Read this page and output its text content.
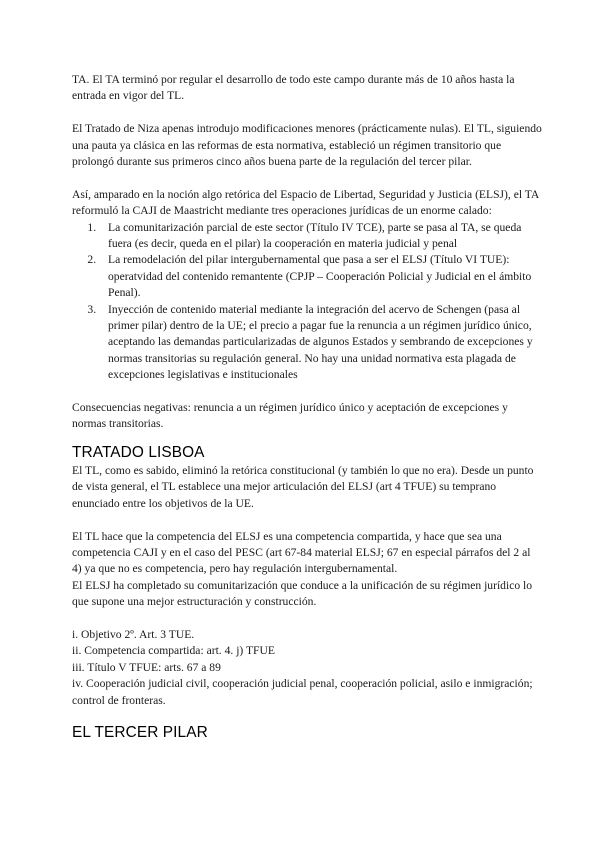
TA. El TA terminó por regular el desarrollo de todo este campo durante más de 10 años hasta la entrada en vigor del TL.

El Tratado de Niza apenas introdujo modificaciones menores (prácticamente nulas). El TL, siguiendo una pauta ya clásica en las reformas de esta normativa, estableció un régimen transitorio que prolongó durante sus primeros cinco años buena parte de la regulación del tercer pilar.

Así, amparado en la noción algo retórica del Espacio de Libertad, Seguridad y Justicia (ELSJ), el TA reformuló la CAJI de Maastricht mediante tres operaciones jurídicas de un enorme calado:

1. La comunitarización parcial de este sector (Título IV TCE), parte se pasa al TA, se queda fuera (es decir, queda en el pilar) la cooperación en materia judicial y penal
2. La remodelación del pilar intergubernamental que pasa a ser el ELSJ (Título VI TUE): operatvidad del contenido remantente (CPJP – Cooperación Policial y Judicial en el ámbito Penal).
3. Inyección de contenido material mediante la integración del acervo de Schengen (pasa al primer pilar) dentro de la UE; el precio a pagar fue la renuncia a un régimen jurídico único, aceptando las demandas particularizadas de algunos Estados y sembrando de excepciones y normas transitorias su regulación general. No hay una unidad normativa esta plagada de excepciones legislativas e institucionales

Consecuencias negativas: renuncia a un régimen jurídico único y aceptación de excepciones y normas transitorias.

TRATADO LISBOA

El TL, como es sabido, eliminó la retórica constitucional (y también lo que no era). Desde un punto de vista general, el TL establece una mejor articulación del ELSJ (art 4 TFUE) su temprano enunciado entre los objetivos de la UE.

El TL hace que la competencia del ELSJ es una competencia compartida, y hace que sea una competencia CAJI y en el caso del PESC (art 67-84 material ELSJ; 67 en especial párrafos del 2 al 4) ya que no es competencia, pero hay regulación intergubernamental.

El ELSJ ha completado su comunitarización que conduce a la unificación de su régimen jurídico lo que supone una mejor estructuración y construcción.

i. Objetivo 2º. Art. 3 TUE.

ii. Competencia compartida: art. 4. j) TFUE

iii. Título V TFUE: arts. 67 a 89

iv. Cooperación judicial civil, cooperación judicial penal, cooperación policial, asilo e inmigración; control de fronteras.

EL TERCER PILAR
